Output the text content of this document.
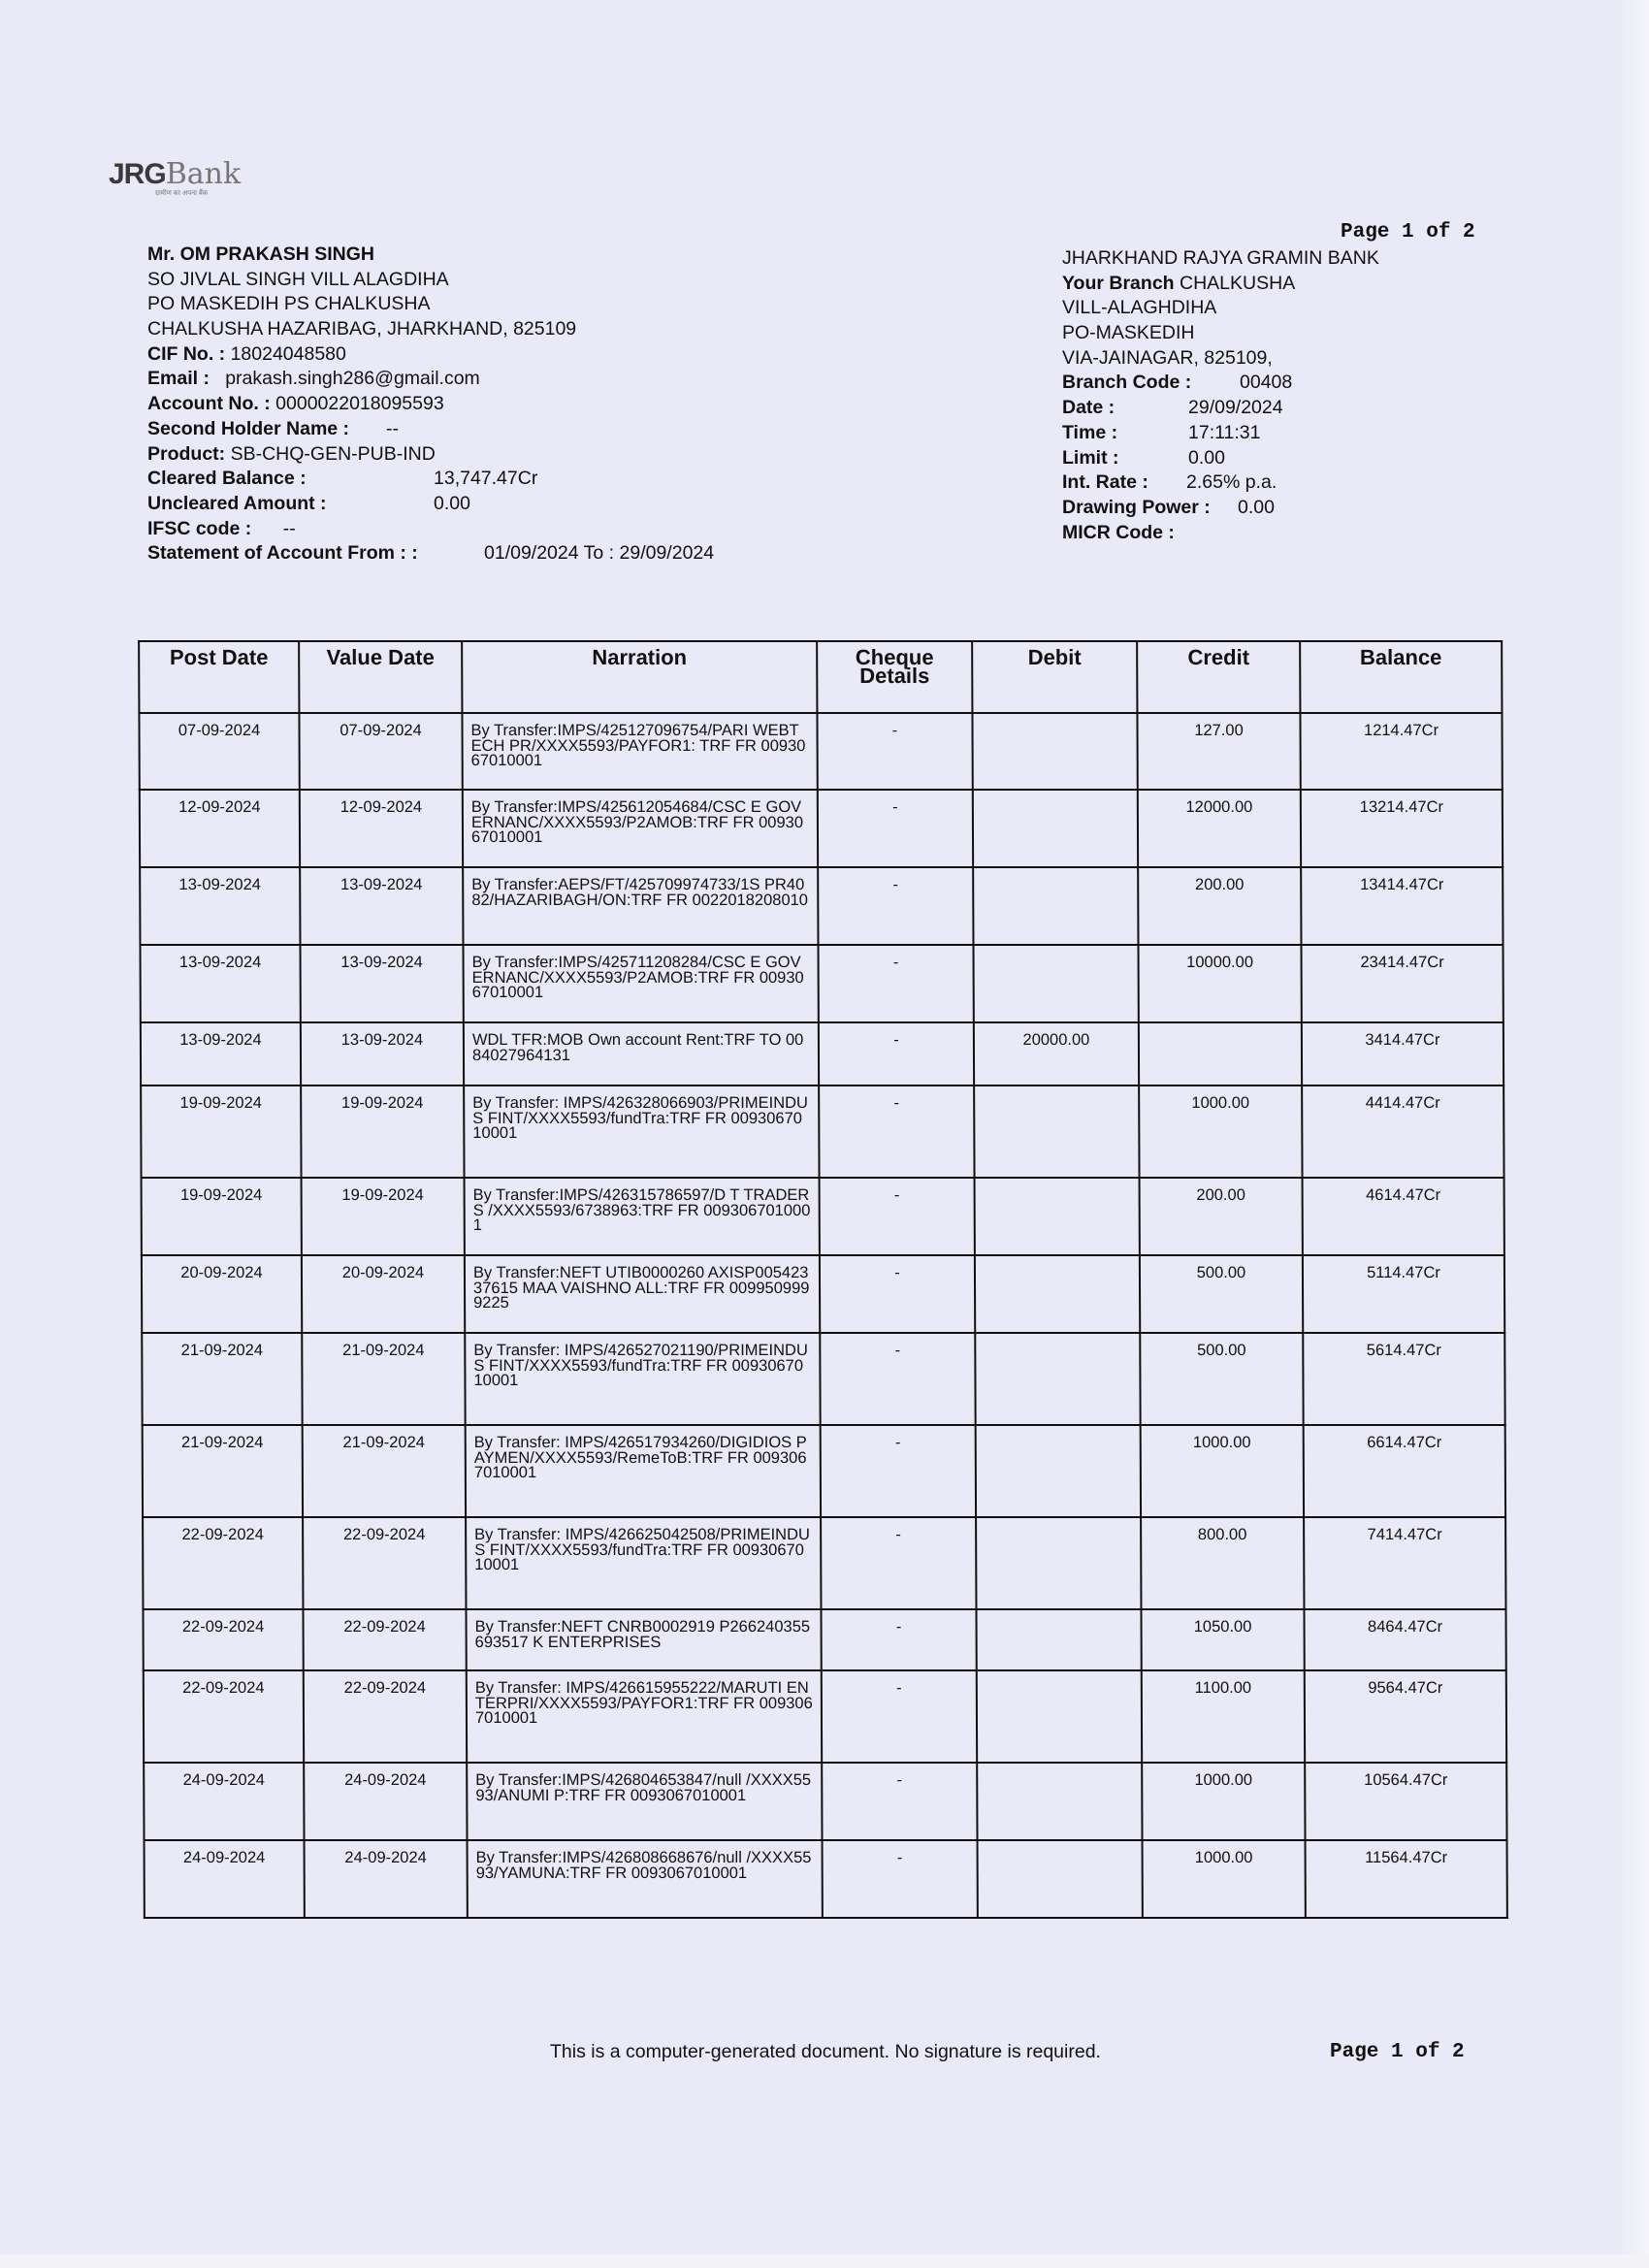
JRGBank
ग्रामीण का अपना बैंक
Page 1 of 2
Mr. OM PRAKASH SINGH
SO JIVLAL SINGH VILL ALAGDIHA
PO MASKEDIH PS CHALKUSHA
CHALKUSHA HAZARIBAG, JHARKHAND, 825109
CIF No. : 18024048580
Email : prakash.singh286@gmail.com
Account No. : 0000022018095593
Second Holder Name : --
Product: SB-CHQ-GEN-PUB-IND
Cleared Balance :	13,747.47Cr
Uncleared Amount :	0.00
IFSC code : --
Statement of Account From : :	01/09/2024 To : 29/09/2024
JHARKHAND RAJYA GRAMIN BANK
Your Branch CHALKUSHA
VILL-ALAGHDIHA
PO-MASKEDIH
VIA-JAINAGAR, 825109,
Branch Code :	00408
Date :	29/09/2024
Time :	17:11:31
Limit :	0.00
Int. Rate : 2.65% p.a.
Drawing Power : 0.00
MICR Code :
Post Date	Value Date	Narration	Cheque Details	Debit	Credit	Balance
07-09-2024	07-09-2024	By Transfer:IMPS/425127096754/PARI WEBTECH PR/XXXX5593/PAYFOR1: TRF FR 0093067010001	-		127.00	1214.47Cr
12-09-2024	12-09-2024	By Transfer:IMPS/425612054684/CSC E GOVERNANC/XXXX5593/P2AMOB:TRF FR 0093067010001	-		12000.00	13214.47Cr
13-09-2024	13-09-2024	By Transfer:AEPS/FT/425709974733/1S PR4082/HAZARIBAGH/ON:TRF FR 0022018208010	-		200.00	13414.47Cr
13-09-2024	13-09-2024	By Transfer:IMPS/425711208284/CSC E GOVERNANC/XXXX5593/P2AMOB:TRF FR 0093067010001	-		10000.00	23414.47Cr
13-09-2024	13-09-2024	WDL TFR:MOB Own account Rent:TRF TO 0084027964131	-	20000.00		3414.47Cr
19-09-2024	19-09-2024	By Transfer: IMPS/426328066903/PRIMEINDUS FINT/XXXX5593/fundTra:TRF FR 0093067010001	-		1000.00	4414.47Cr
19-09-2024	19-09-2024	By Transfer:IMPS/426315786597/D T TRADERS /XXXX5593/6738963:TRF FR 0093067010001	-		200.00	4614.47Cr
20-09-2024	20-09-2024	By Transfer:NEFT UTIB0000260 AXISP00542337615 MAA VAISHNO ALL:TRF FR 0099509999225	-		500.00	5114.47Cr
21-09-2024	21-09-2024	By Transfer: IMPS/426527021190/PRIMEINDUS FINT/XXXX5593/fundTra:TRF FR 0093067010001	-		500.00	5614.47Cr
21-09-2024	21-09-2024	By Transfer: IMPS/426517934260/DIGIDIOS PAYMEN/XXXX5593/RemeToB:TRF FR 0093067010001	-		1000.00	6614.47Cr
22-09-2024	22-09-2024	By Transfer: IMPS/426625042508/PRIMEINDUS FINT/XXXX5593/fundTra:TRF FR 0093067010001	-		800.00	7414.47Cr
22-09-2024	22-09-2024	By Transfer:NEFT CNRB0002919 P266240355693517 K ENTERPRISES	-		1050.00	8464.47Cr
22-09-2024	22-09-2024	By Transfer: IMPS/426615955222/MARUTI ENTERPRI/XXXX5593/PAYFOR1:TRF FR 0093067010001	-		1100.00	9564.47Cr
24-09-2024	24-09-2024	By Transfer:IMPS/426804653847/null /XXXX5593/ANUMI P:TRF FR 0093067010001	-		1000.00	10564.47Cr
24-09-2024	24-09-2024	By Transfer:IMPS/426808668676/null /XXXX5593/YAMUNA:TRF FR 0093067010001	-		1000.00	11564.47Cr
This is a computer-generated document. No signature is required.	Page 1 of 2
